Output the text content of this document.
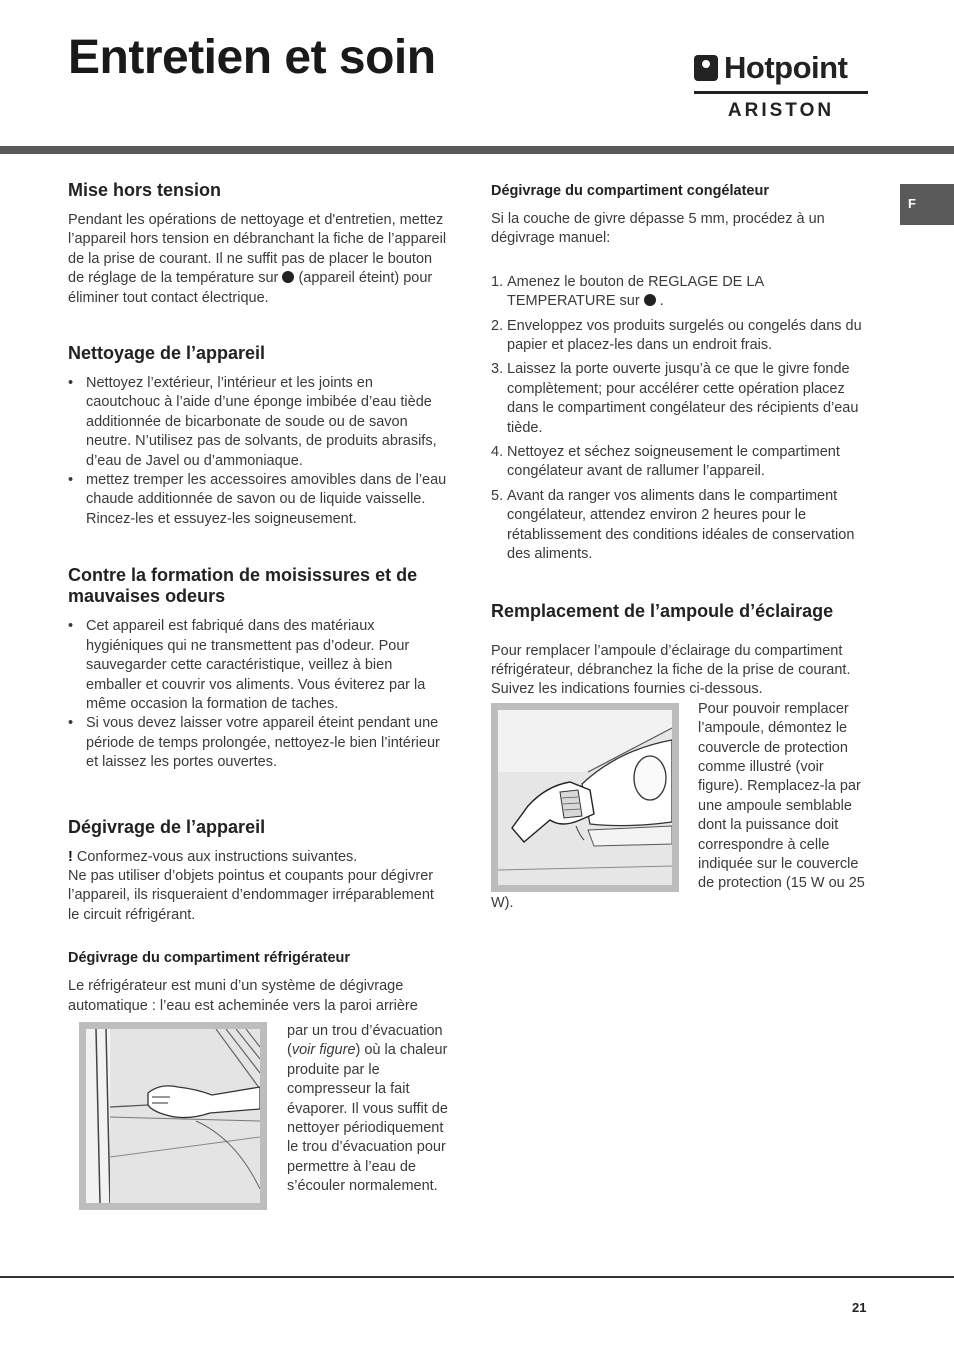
Entretien et soin	Hotpoint
ARISTON
F
Mise hors tension

Pendant les opérations de nettoyage et d'entretien, mettez l’appareil hors tension en débranchant la fiche de l’appareil de la prise de courant. Il ne suffit pas de placer le bouton de réglage de la température sur (appareil éteint) pour éliminer tout contact électrique.

Nettoyage de l’appareil
• Nettoyez l’extérieur, l’intérieur et les joints en caoutchouc à l’aide d’une éponge imbibée d’eau tiède additionnée de bicarbonate de soude ou de savon neutre. N’utilisez pas de solvants, de produits abrasifs, d’eau de Javel ou d’ammoniaque.
• mettez tremper les accessoires amovibles dans de l’eau chaude additionnée de savon ou de liquide vaisselle. Rincez-les et essuyez-les soigneusement.
Contre la formation de moisissures et de mauvaises odeurs
• Cet appareil est fabriqué dans des matériaux hygiéniques qui ne transmettent pas d’odeur. Pour sauvegarder cette caractéristique, veillez à bien emballer et couvrir vos aliments. Vous éviterez par la même occasion la formation de taches.
• Si vous devez laisser votre appareil éteint pendant une période de temps prolongée, nettoyez-le bien l’intérieur et laissez les portes ouvertes.
Dégivrage de l’appareil

! Conformez-vous aux instructions suivantes.

Ne pas utiliser d’objets pointus et coupants pour dégivrer l’appareil, ils risqueraient d’endommager irréparablement le circuit réfrigérant.

Dégivrage du compartiment réfrigérateur

Le réfrigérateur est muni d’un système de dégivrage automatique : l’eau est acheminée vers la paroi arrière

par un trou d’évacuation (voir figure) où la chaleur produite par le compresseur la fait évaporer. Il vous suffit de nettoyer périodiquement le trou d’évacuation pour permettre à l’eau de s’écouler normalement.

Dégivrage du compartiment congélateur

Si la couche de givre dépasse 5 mm, procédez à un dégivrage manuel:

1. Amenez le bouton de REGLAGE DE LA TEMPERATURE sur .
2. Enveloppez vos produits surgelés ou congelés dans du papier et placez-les dans un endroit frais.
3. Laissez la porte ouverte jusqu’à ce que le givre fonde complètement; pour accélérer cette opération placez dans le compartiment congélateur des récipients d’eau tiède.
4. Nettoyez et séchez soigneusement le compartiment congélateur avant de rallumer l’appareil.
5. Avant da ranger vos aliments dans le compartiment congélateur, attendez environ 2 heures pour le rétablissement des conditions idéales de conservation des aliments.
Remplacement de l’ampoule d’éclairage

Pour remplacer l’ampoule d’éclairage du compartiment réfrigérateur, débranchez la fiche de la prise de courant. Suivez les indications fournies ci-dessous.

Pour pouvoir remplacer l’ampoule, démontez le couvercle de protection comme illustré (voir figure). Remplacez-la par une ampoule semblable dont la puissance doit correspondre à celle indiquée sur le couvercle de protection (15 W ou 25 W).

21
